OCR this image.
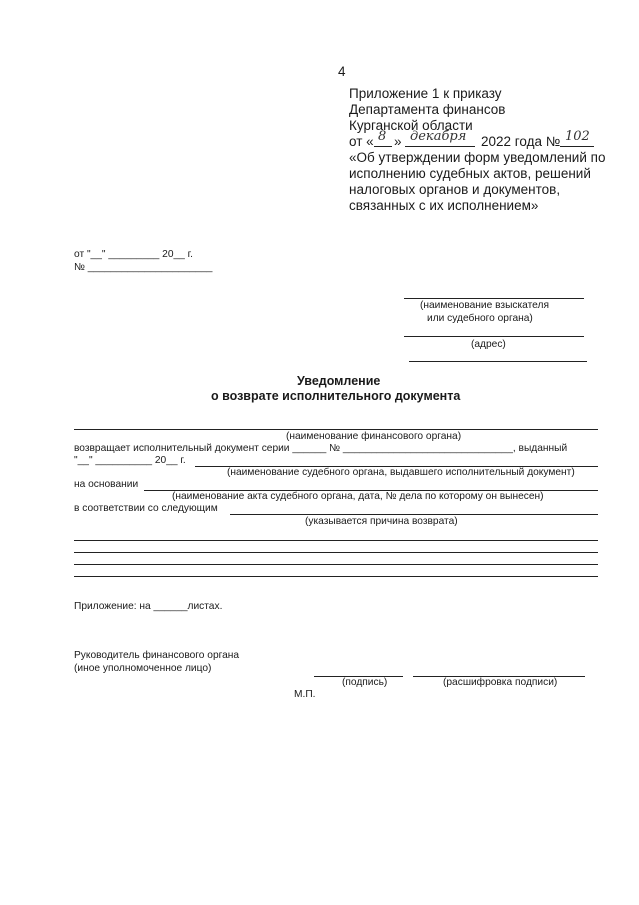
4
Приложение 1 к приказу
Департамента финансов
Курганской области
от « 8 » декабря 2022 года № 102
«Об утверждении форм уведомлений по
исполнению судебных актов, решений
налоговых органов и документов,
связанных с их исполнением»
от "__" _________ 20__ г.
№ ______________________
(наименование взыскателя
или судебного органа)
(адрес)
Уведомление
о возврате исполнительного документа
(наименование финансового органа)
возвращает исполнительный документ серии ______ № ______________________________, выданный
"__" __________ 20__ г.
(наименование судебного органа, выдавшего исполнительный документ)
на основании
(наименование акта судебного органа, дата, № дела по которому он вынесен)
в соответствии со следующим
(указывается причина возврата)
Приложение: на ______листах.
Руководитель финансового органа
(иное уполномоченное лицо)
(подпись)	(расшифровка подписи)
М.П.
